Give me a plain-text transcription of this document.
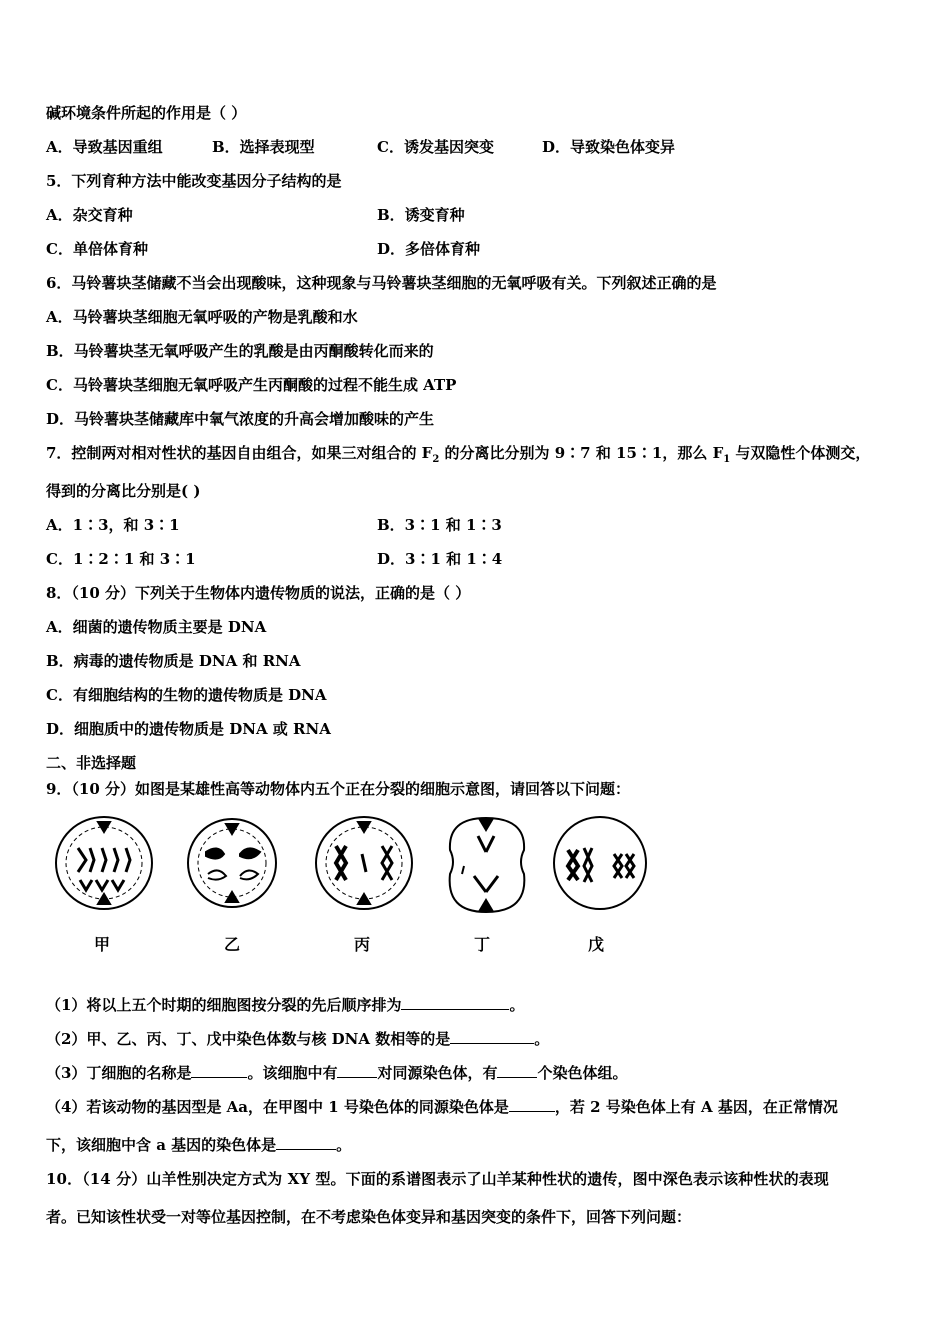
碱环境条件所起的作用是（ ）
A．导致基因重组	B．选择表现型	C．诱发基因突变	D．导致染色体变异
5．下列育种方法中能改变基因分子结构的是
A．杂交育种	B．诱变育种
C．单倍体育种	D．多倍体育种
6．马铃薯块茎储藏不当会出现酸味，这种现象与马铃薯块茎细胞的无氧呼吸有关。下列叙述正确的是
A．马铃薯块茎细胞无氧呼吸的产物是乳酸和水
B．马铃薯块茎无氧呼吸产生的乳酸是由丙酮酸转化而来的
C．马铃薯块茎细胞无氧呼吸产生丙酮酸的过程不能生成 ATP
D．马铃薯块茎储藏库中氧气浓度的升高会增加酸味的产生
7．控制两对相对性状的基因自由组合，如果三对组合的 $F_2$ 的分离比分别为 9∶7 和 15∶1，那么 $F_1$ 与双隐性个体测交，
得到的分离比分别是( )
A．1∶3，和 3∶1	B．3∶1 和 1∶3
C．1∶2∶1 和 3∶1	D．3∶1 和 1∶4
8．（10 分）下列关于生物体内遗传物质的说法，正确的是（ ）
A．细菌的遗传物质主要是 DNA
B．病毒的遗传物质是 DNA 和 RNA
C．有细胞结构的生物的遗传物质是 DNA
D．细胞质中的遗传物质是 DNA 或 RNA
二、非选择题
9．（10 分）如图是某雄性高等动物体内五个正在分裂的细胞示意图，请回答以下问题：
甲	乙	丙	丁	戊
（1）将以上五个时期的细胞图按分裂的先后顺序排为	。
（2）甲、乙、丙、丁、戊中染色体数与核 DNA 数相等的是	。
（3）丁细胞的名称是	。该细胞中有	对同源染色体，有	个染色体组。
（4）若该动物的基因型是 Aa，在甲图中 1 号染色体的同源染色体是	，若 2 号染色体上有 A 基因，在正常情况
下，该细胞中含 a 基因的染色体是	。
10．（14 分）山羊性别决定方式为 XY 型。下面的系谱图表示了山羊某种性状的遗传，图中深色表示该种性状的表现
者。已知该性状受一对等位基因控制，在不考虑染色体变异和基因突变的条件下，回答下列问题：
